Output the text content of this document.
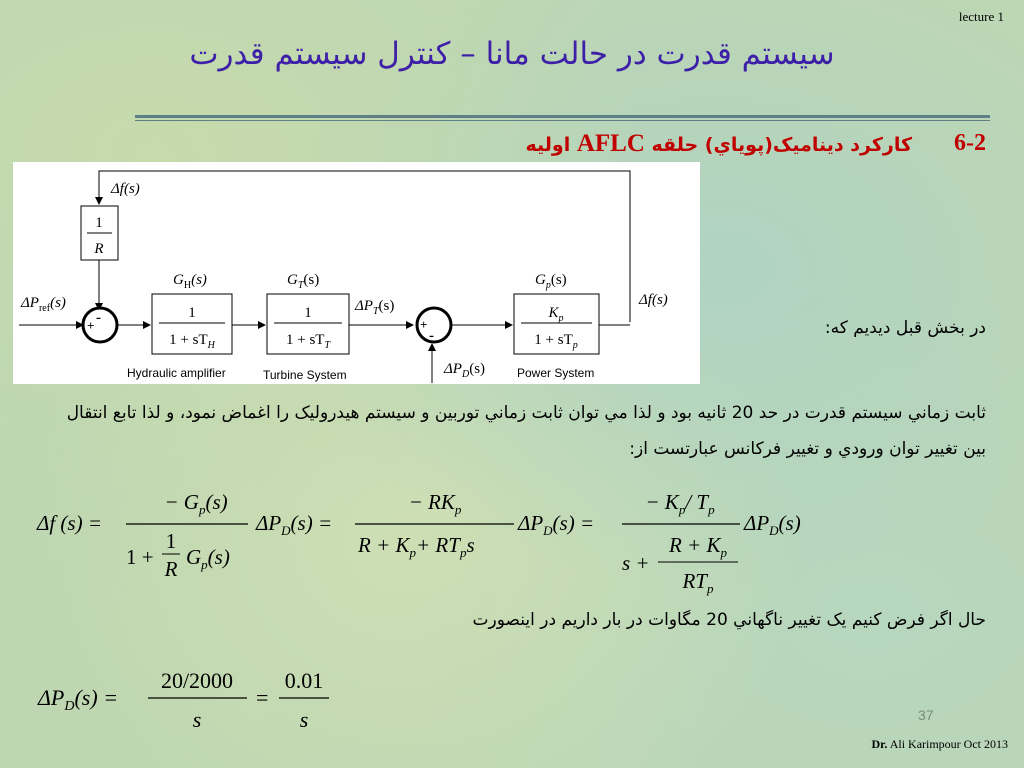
lecture 1
سیستم قدرت در حالت مانا – کنترل سیستم قدرت
6-2
كاركرد ديناميک(پوياي) حلقه AFLC اوليه
Δf(s)
1
R
$\Delta P_{ref}(s)$
-
+
$G_H(s)$
1
$1 + sT_H$
$G_T(s)$
1
$1 + sT_T$
$\Delta P_T(s)$
+
-
$\Delta P_D(s)$
$G_p(s)$
$K_p$
$1 + sT_p$
Δf(s)
Hydraulic amplifier	Turbine System	Power System
در بخش قبل ديديم كه:
ثابت زماني سيستم قدرت در حد 20 ثانيه بود و لذا مي توان ثابت زماني توربين و سيستم هيدروليک را اغماض نمود، و لذا تابع انتقال بين تغيير توان ورودي و تغيير فركانس عبارتست از:
Δf (s) =
− $G_p(s)$
1 +
1
R $G_p(s)$
$\Delta P_D(s)$ =
− $RK_p$
$R + K_p+ RT_ps$
$\Delta P_D(s)$ =
− $K_p/$ $T_p$
s +
$R + K_p$
$RT_p$
$\Delta P_D(s)$
حال اگر فرض كنيم يک تغيير ناگهاني 20 مگاوات در بار داريم در اينصورت
$\Delta P_D(s)$ =
20/2000
s
=
0.01
s	37
Dr. Ali Karimpour Oct 2013
